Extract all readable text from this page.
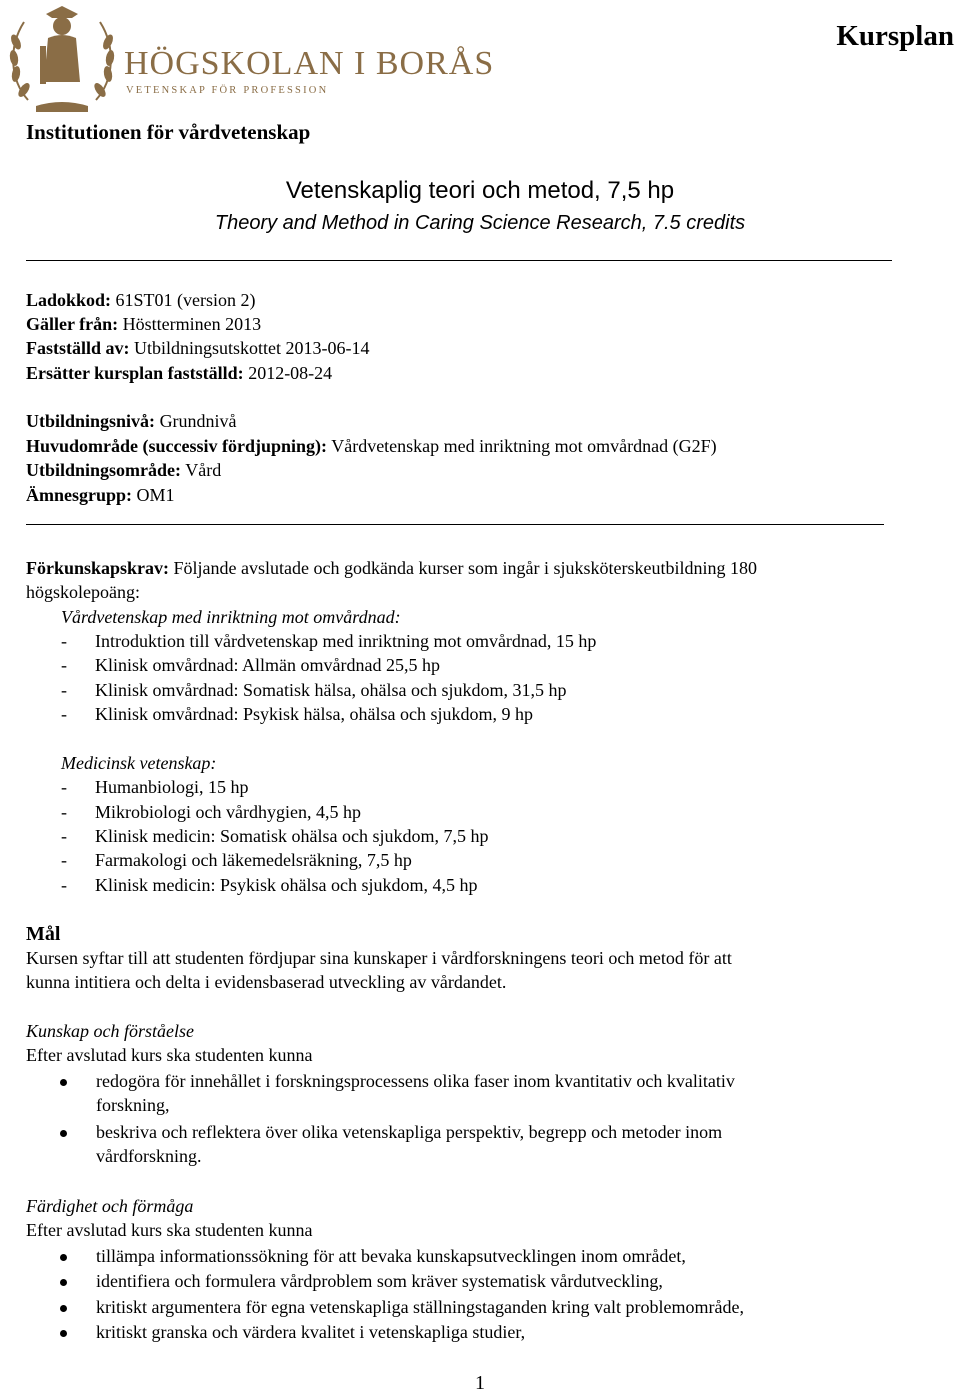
HÖGSKOLAN I BORÅS
VETENSKAP FÖR PROFESSION
Kursplan
Institutionen för vårdvetenskap
Vetenskaplig teori och metod, 7,5 hp
Theory and Method in Caring Science Research, 7.5 credits
Ladokkod: 61ST01 (version 2)
Gäller från: Höstterminen 2013
Fastställd av: Utbildningsutskottet 2013-06-14
Ersätter kursplan fastställd: 2012-08-24
Utbildningsnivå: Grundnivå
Huvudområde (successiv fördjupning): Vårdvetenskap med inriktning mot omvårdnad (G2F)
Utbildningsområde: Vård
Ämnesgrupp: OM1
Förkunskapskrav: Följande avslutade och godkända kurser som ingår i sjuksköterskeutbildning 180
högskolepoäng:
Vårdvetenskap med inriktning mot omvårdnad:
- Introduktion till vårdvetenskap med inriktning mot omvårdnad, 15 hp
- Klinisk omvårdnad: Allmän omvårdnad 25,5 hp
- Klinisk omvårdnad: Somatisk hälsa, ohälsa och sjukdom, 31,5 hp
- Klinisk omvårdnad: Psykisk hälsa, ohälsa och sjukdom, 9 hp
Medicinsk vetenskap:
- Humanbiologi, 15 hp
- Mikrobiologi och vårdhygien, 4,5 hp
- Klinisk medicin: Somatisk ohälsa och sjukdom, 7,5 hp
- Farmakologi och läkemedelsräkning, 7,5 hp
- Klinisk medicin: Psykisk ohälsa och sjukdom, 4,5 hp
Mål
Kursen syftar till att studenten fördjupar sina kunskaper i vårdforskningens teori och metod för att
kunna intitiera och delta i evidensbaserad utveckling av vårdandet.
Kunskap och förståelse
Efter avslutad kurs ska studenten kunna
redogöra för innehållet i forskningsprocessens olika faser inom kvantitativ och kvalitativ
forskning,
beskriva och reflektera över olika vetenskapliga perspektiv, begrepp och metoder inom
vårdforskning.
Färdighet och förmåga
Efter avslutad kurs ska studenten kunna
tillämpa informationssökning för att bevaka kunskapsutvecklingen inom området,
identifiera och formulera vårdproblem som kräver systematisk vårdutveckling,
kritiskt argumentera för egna vetenskapliga ställningstaganden kring valt problemområde,
kritiskt granska och värdera kvalitet i vetenskapliga studier,
1
